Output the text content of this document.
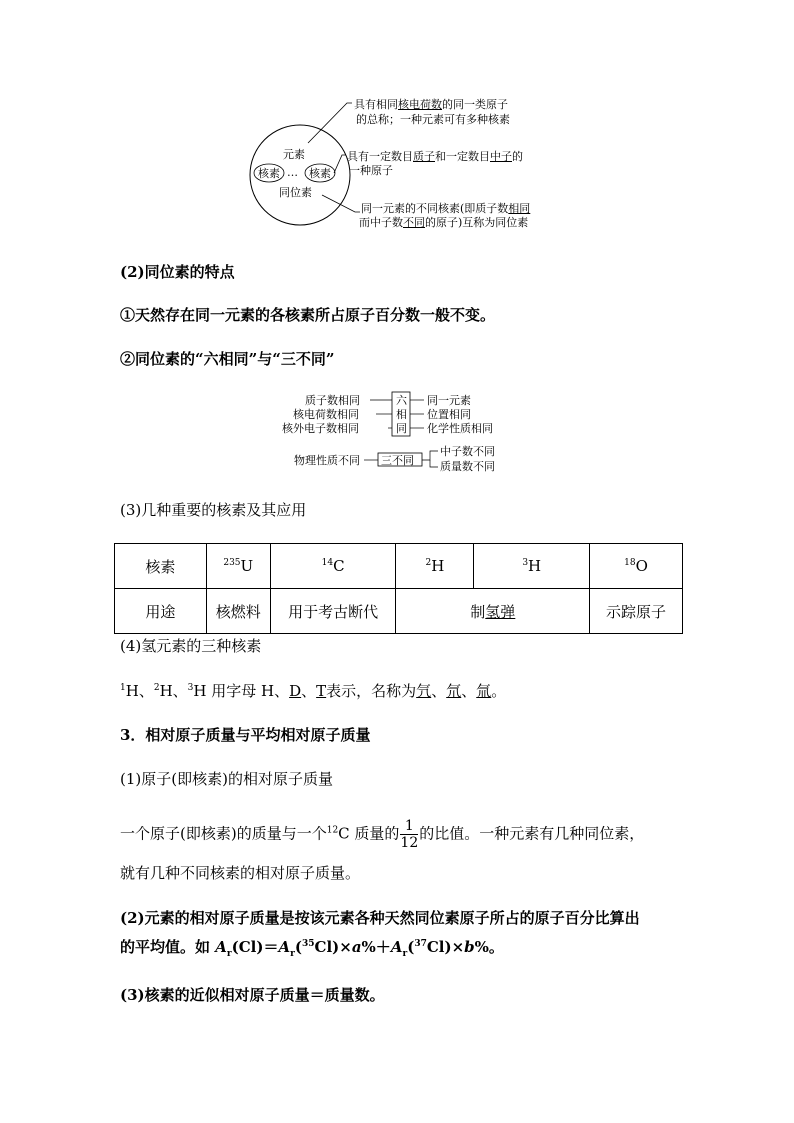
元素
核素 … 核素
同位素
具有相同核电荷数的同一类原子
的总称；一种元素可有多种核素
具有一定数目质子和一定数目中子的
一种原子
同一元素的不同核素(即质子数相同
而中子数不同的原子)互称为同位素
(2)同位素的特点
①天然存在同一元素的各核素所占原子百分数一般不变。
②同位素的“六相同”与“三不同”
质子数相同
核电荷数相同
核外电子数相同
六
相
同
同一元素
位置相同
化学性质相同
物理性质不同 三不同
中子数不同
质量数不同
(3)几种重要的核素及其应用
核素	$^{235}$U	$^{14}$C	$^2$H	$^3$H	$^{18}$O
用途	核燃料	用于考古断代	制氢弹		示踪原子
(4)氢元素的三种核素
$^1$H、$^2$H、$^3$H 用字母 H、D、T表示，名称为氕、氘、氚。
3．相对原子质量与平均相对原子质量
(1)原子(即核素)的相对原子质量
一个原子(即核素)的质量与一个$^{12}$C 质量的 $\frac{1}{12}$ 的比值。一种元素有几种同位素，
就有几种不同核素的相对原子质量。
(2)元素的相对原子质量是按该元素各种天然同位素原子所占的原子百分比算出
的平均值。如 $A_r(Cl)=A_r(^{35}Cl)\times a\%+A_r(^{37}Cl)\times b\%$。
(3)核素的近似相对原子质量＝质量数。
